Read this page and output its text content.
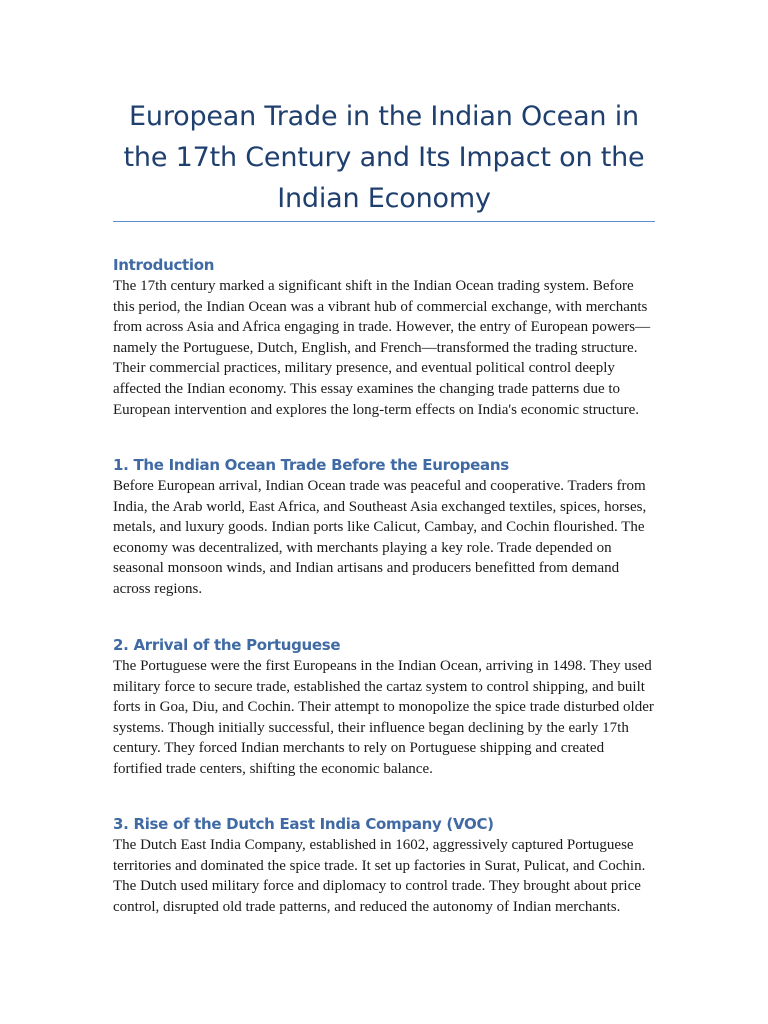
European Trade in the Indian Ocean in the 17th Century and Its Impact on the Indian Economy
Introduction

The 17th century marked a significant shift in the Indian Ocean trading system. Before this period, the Indian Ocean was a vibrant hub of commercial exchange, with merchants from across Asia and Africa engaging in trade. However, the entry of European powers—namely the Portuguese, Dutch, English, and French—transformed the trading structure. Their commercial practices, military presence, and eventual political control deeply affected the Indian economy. This essay examines the changing trade patterns due to European intervention and explores the long-term effects on India's economic structure.

1. The Indian Ocean Trade Before the Europeans

Before European arrival, Indian Ocean trade was peaceful and cooperative. Traders from India, the Arab world, East Africa, and Southeast Asia exchanged textiles, spices, horses, metals, and luxury goods. Indian ports like Calicut, Cambay, and Cochin flourished. The economy was decentralized, with merchants playing a key role. Trade depended on seasonal monsoon winds, and Indian artisans and producers benefitted from demand across regions.

2. Arrival of the Portuguese

The Portuguese were the first Europeans in the Indian Ocean, arriving in 1498. They used military force to secure trade, established the cartaz system to control shipping, and built forts in Goa, Diu, and Cochin. Their attempt to monopolize the spice trade disturbed older systems. Though initially successful, their influence began declining by the early 17th century. They forced Indian merchants to rely on Portuguese shipping and created fortified trade centers, shifting the economic balance.

3. Rise of the Dutch East India Company (VOC)

The Dutch East India Company, established in 1602, aggressively captured Portuguese territories and dominated the spice trade. It set up factories in Surat, Pulicat, and Cochin. The Dutch used military force and diplomacy to control trade. They brought about price control, disrupted old trade patterns, and reduced the autonomy of Indian merchants.
